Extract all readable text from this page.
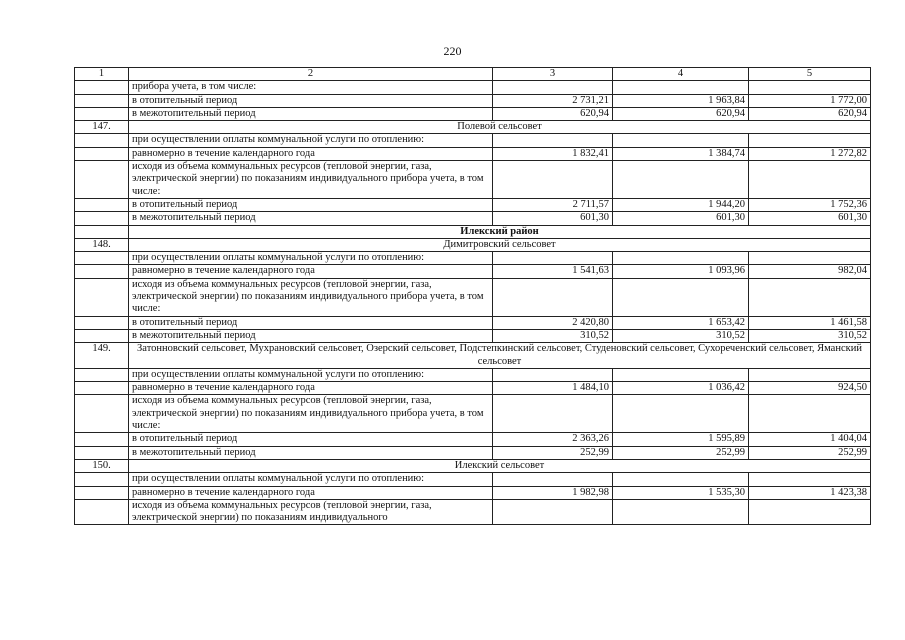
220
1	2	3	4	5
	прибора учета, в том числе:			
	в отопительный период	2 731,21	1 963,84	1 772,00
	в межотопительный период	620,94	620,94	620,94
147.	Полевой сельсовет			
	при осуществлении оплаты коммунальной услуги по отоплению:			
	равномерно в течение календарного года	1 832,41	1 384,74	1 272,82
	исходя из объема коммунальных ресурсов (тепловой энергии, газа, электрической энергии) по показаниям индивидуального прибора учета, в том числе:			
	в отопительный период	2 711,57	1 944,20	1 752,36
	в межотопительный период	601,30	601,30	601,30
	Илекский район			
148.	Димитровский сельсовет			
	при осуществлении оплаты коммунальной услуги по отоплению:			
	равномерно в течение календарного года	1 541,63	1 093,96	982,04
	исходя из объема коммунальных ресурсов (тепловой энергии, газа, электрической энергии) по показаниям индивидуального прибора учета, в том числе:			
	в отопительный период	2 420,80	1 653,42	1 461,58
	в межотопительный период	310,52	310,52	310,52
149.	Затонновский сельсовет, Мухрановский сельсовет, Озерский сельсовет, Подстепкинский сельсовет, Студеновский сельсовет, Сухореченский сельсовет, Яманский сельсовет			
	при осуществлении оплаты коммунальной услуги по отоплению:			
	равномерно в течение календарного года	1 484,10	1 036,42	924,50
	исходя из объема коммунальных ресурсов (тепловой энергии, газа, электрической энергии) по показаниям индивидуального прибора учета, в том числе:			
	в отопительный период	2 363,26	1 595,89	1 404,04
	в межотопительный период	252,99	252,99	252,99
150.	Илекский сельсовет			
	при осуществлении оплаты коммунальной услуги по отоплению:			
	равномерно в течение календарного года	1 982,98	1 535,30	1 423,38
	исходя из объема коммунальных ресурсов (тепловой энергии, газа, электрической энергии) по показаниям индивидуального			
